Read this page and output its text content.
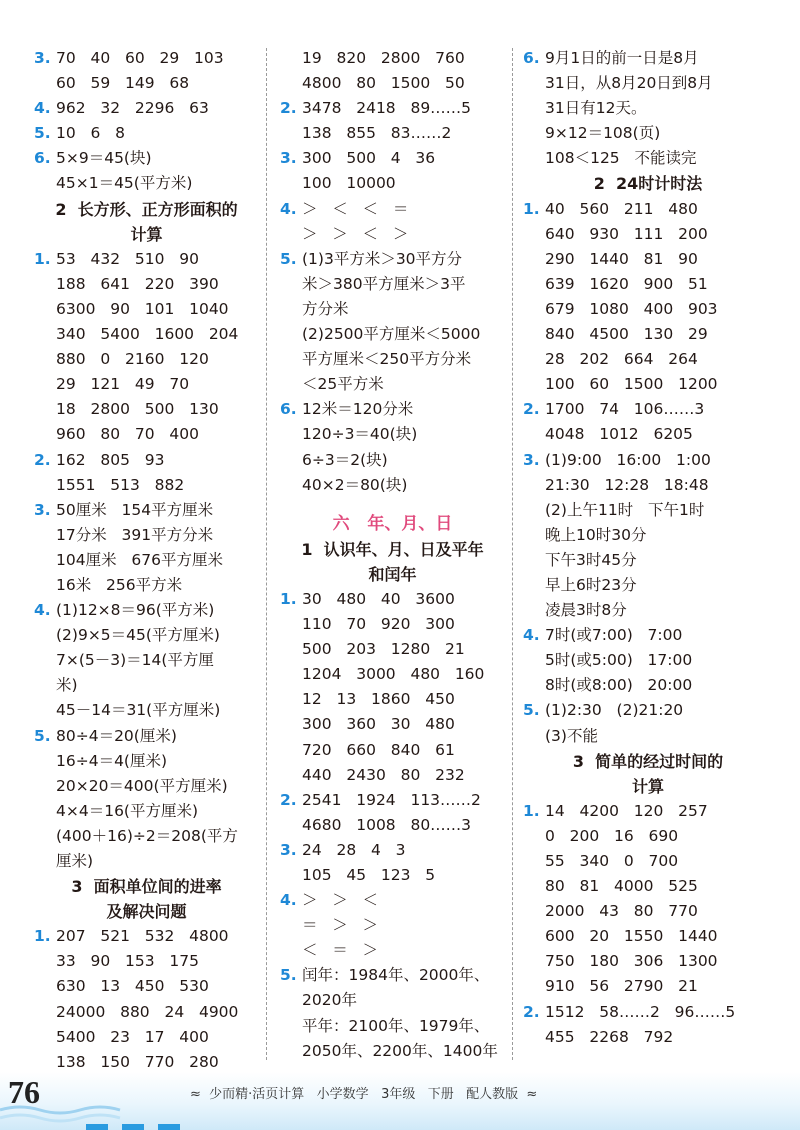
3. 70   40   60   29   103
60   59   149   68
4. 962   32   2296   63
5. 10   6   8
6. 5×9＝45(块)
45×1＝45(平方米)
2  长方形、正方形面积的
计算
1. 53   432   510   90
188   641   220   390
6300   90   101   1040
340   5400   1600   204
880   0   2160   120
29   121   49   70
18   2800   500   130
960   80   70   400
2. 162   805   93
1551   513   882
3. 50厘米   154平方厘米
17分米   391平方分米
104厘米   676平方厘米
16米   256平方米
4. (1)12×8＝96(平方米)
(2)9×5＝45(平方厘米)
7×(5－3)＝14(平方厘
米)
45－14＝31(平方厘米)
5. 80÷4＝20(厘米)
16÷4＝4(厘米)
20×20＝400(平方厘米)
4×4＝16(平方厘米)
(400＋16)÷2＝208(平方
厘米)
3  面积单位间的进率
及解决问题
1. 207   521   532   4800
33   90   153   175
630   13   450   530
24000   880   24   4900
5400   23   17   400
138   150   770   280
19   820   2800   760
4800   80   1500   50
2. 3478   2418   89……5
138   855   83……2
3. 300   500   4   36
100   10000
4. ＞   ＜   ＜   ＝
＞   ＞   ＜   ＞
5. (1)3平方米＞30平方分
米＞380平方厘米＞3平
方分米
(2)2500平方厘米＜5000
平方厘米＜250平方分米
＜25平方米
6. 12米＝120分米
120÷3＝40(块)
6÷3＝2(块)
40×2＝80(块)
六   年、月、日
1  认识年、月、日及平年
和闰年
1. 30   480   40   3600
110   70   920   300
500   203   1280   21
1204   3000   480   160
12   13   1860   450
300   360   30   480
720   660   840   61
440   2430   80   232
2. 2541   1924   113……2
4680   1008   80……3
3. 24   28   4   3
105   45   123   5
4. ＞   ＞   ＜
＝   ＞   ＞
＜   ＝   ＞
5. 闰年：1984年、2000年、
2020年
平年：2100年、1979年、
2050年、2200年、1400年
6. 9月1日的前一日是8月
31日，从8月20日到8月
31日有12天。
9×12＝108(页)
108＜125   不能读完
2  24时计时法
1. 40   560   211   480
640   930   111   200
290   1440   81   90
639   1620   900   51
679   1080   400   903
840   4500   130   29
28   202   664   264
100   60   1500   1200
2. 1700   74   106……3
4048   1012   6205
3. (1)9:00   16:00   1:00
21:30   12:28   18:48
(2)上午11时   下午1时
晚上10时30分
下午3时45分
早上6时23分
凌晨3时8分
4. 7时(或7:00)   7:00
5时(或5:00)   17:00
8时(或8:00)   20:00
5. (1)2:30   (2)21:20
(3)不能
3  简单的经过时间的
计算
1. 14   4200   120   257
0   200   16   690
55   340   0   700
80   81   4000   525
2000   43   80   770
600   20   1550   1440
750   180   306   1300
910   56   2790   21
2. 1512   58……2   96……5
455   2268   792
76	≈  少而精·活页计算   小学数学   3年级   下册   配人教版  ≈
